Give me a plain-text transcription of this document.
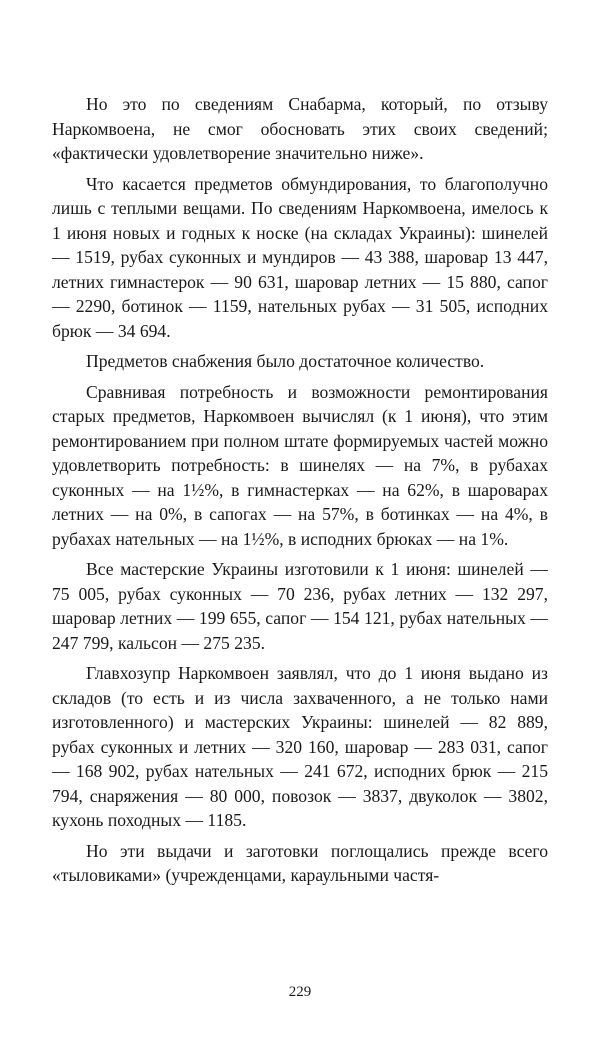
Но это по сведениям Снабарма, который, по отзыву Наркомвоена, не смог обосновать этих своих сведений; «фактически удовлетворение значительно ниже».

Что касается предметов обмундирования, то благополучно лишь с теплыми вещами. По сведениям Наркомвоена, имелось к 1 июня новых и годных к носке (на складах Украины): шинелей — 1519, рубах суконных и мундиров — 43 388, шаровар 13 447, летних гимнастерок — 90 631, шаровар летних — 15 880, сапог — 2290, ботинок — 1159, нательных рубах — 31 505, исподних брюк — 34 694.

Предметов снабжения было достаточное количество.

Сравнивая потребность и возможности ремонтирования старых предметов, Наркомвоен вычислял (к 1 июня), что этим ремонтированием при полном штате формируемых частей можно удовлетворить потребность: в шинелях — на 7%, в рубахах суконных — на 1½%, в гимнастерках — на 62%, в шароварах летних — на 0%, в сапогах — на 57%, в ботинках — на 4%, в рубахах нательных — на 1½%, в исподних брюках — на 1%.

Все мастерские Украины изготовили к 1 июня: шинелей — 75 005, рубах суконных — 70 236, рубах летних — 132 297, шаровар летних — 199 655, сапог — 154 121, рубах нательных — 247 799, кальсон — 275 235.

Главхозупр Наркомвоен заявлял, что до 1 июня выдано из складов (то есть и из числа захваченного, а не только нами изготовленного) и мастерских Украины: шинелей — 82 889, рубах суконных и летних — 320 160, шаровар — 283 031, сапог — 168 902, рубах нательных — 241 672, исподних брюк — 215 794, снаряжения — 80 000, повозок — 3837, двуколок — 3802, кухонь походных — 1185.

Но эти выдачи и заготовки поглощались прежде всего «тыловиками» (учрежденцами, караульными частя-

229
